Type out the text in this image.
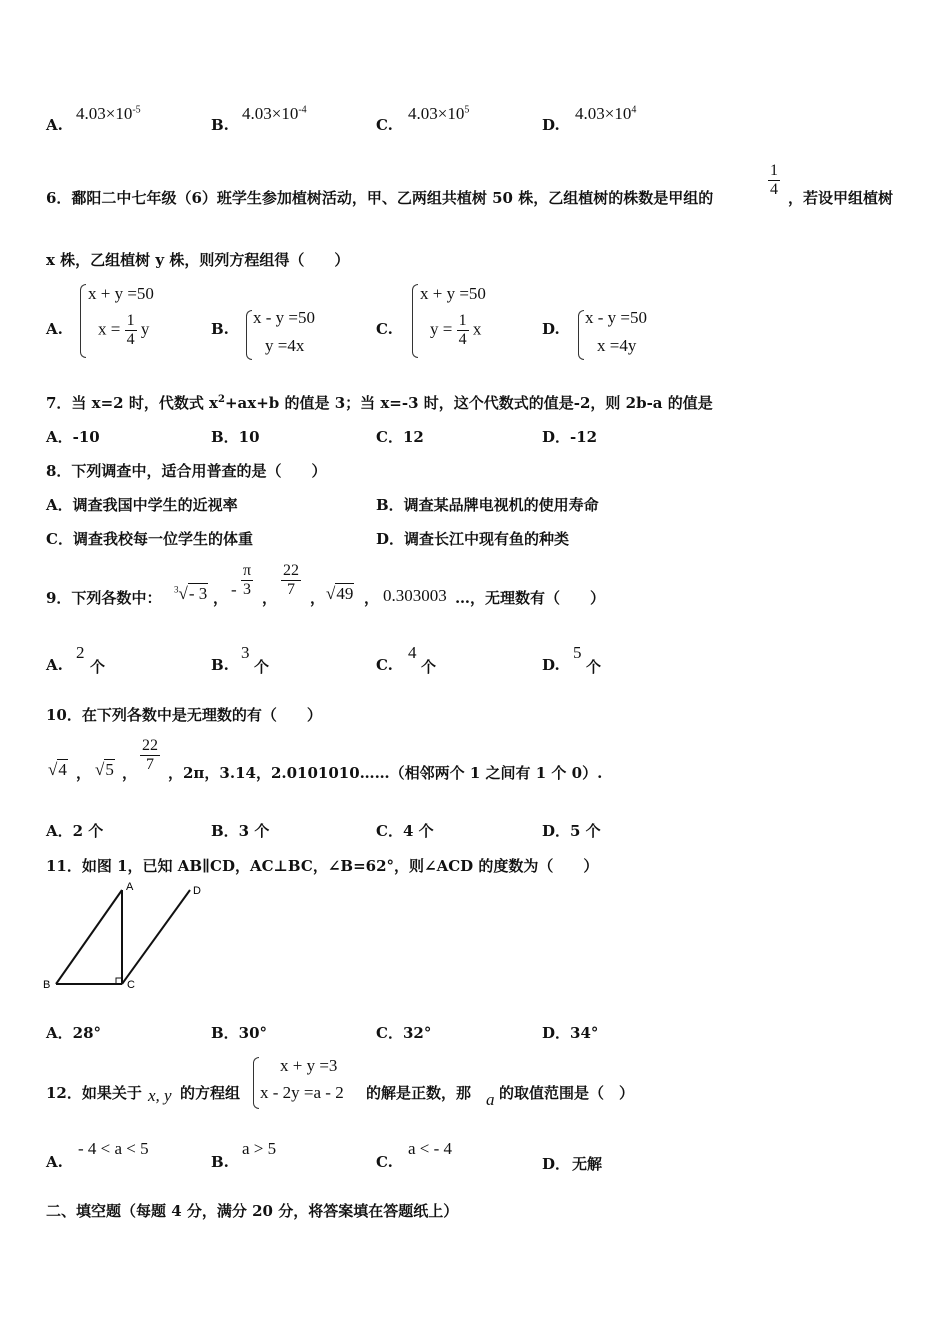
A.
$4.03\times 10^{-5}$
B.
$4.03\times 10^{-4}$
C.
$4.03\times 10^5$
D.
$4.03\times 10^4$
6．鄱阳二中七年级（6）班学生参加植树活动，甲、乙两组共植树 50 株，乙组植树的株数是甲组的	$\frac{1}{4}$ ，若设甲组植树
x 株，乙组植树 y 株，则列方程组得（　　）
A.
x + y =50
$x = \frac{1}{4}$ y	B.
x - y =50
y =4x
C.
x + y =50
$y = \frac{1}{4}$ x	D.
x - y =50
x =4y
7．当 x=2 时，代数式 $x^2+ax+b$ 的值是 3；当 x=-3 时，这个代数式的值是-2，则 2b-a 的值是
A．-10	B．10	C．12	D．-12
8．下列调查中，适合用普查的是（　　）
A．调查我国中学生的近视率	B．调查某品牌电视机的使用寿命
C．调查我校每一位学生的体重	D．调查长江中现有鱼的种类
9．下列各数中： $^3$√- 3 ， - $\frac{\pi}{3}$ ， $\frac{22}{7}$ ， √49 ， 0.303003 …，无理数有（　　）
A.
2
个	B.
3
个	C.
4
个	D.
5
个
10．在下列各数中是无理数的有（　　）
√4 ， √5 ， $\frac{22}{7}$ ，2π，3.14，2.0101010……（相邻两个 1 之间有 1 个 0）.
A．2 个	B．3 个	C．4 个	D．5 个
11．如图 1，已知 AB∥CD，AC⊥BC，∠B=62°，则∠ACD 的度数为（　　）
A
B	C
D
A．28°	B．30°	C．32°	D．34°
12．如果关于 x, y 的方程组
x + y =3
x - 2y =a - 2 的解是正数，那 a 的取值范围是（　）
A.
- 4 < a < 5
B.
a > 5
C.
a < - 4
D． 无解
二、填空题（每题 4 分，满分 20 分，将答案填在答题纸上）
